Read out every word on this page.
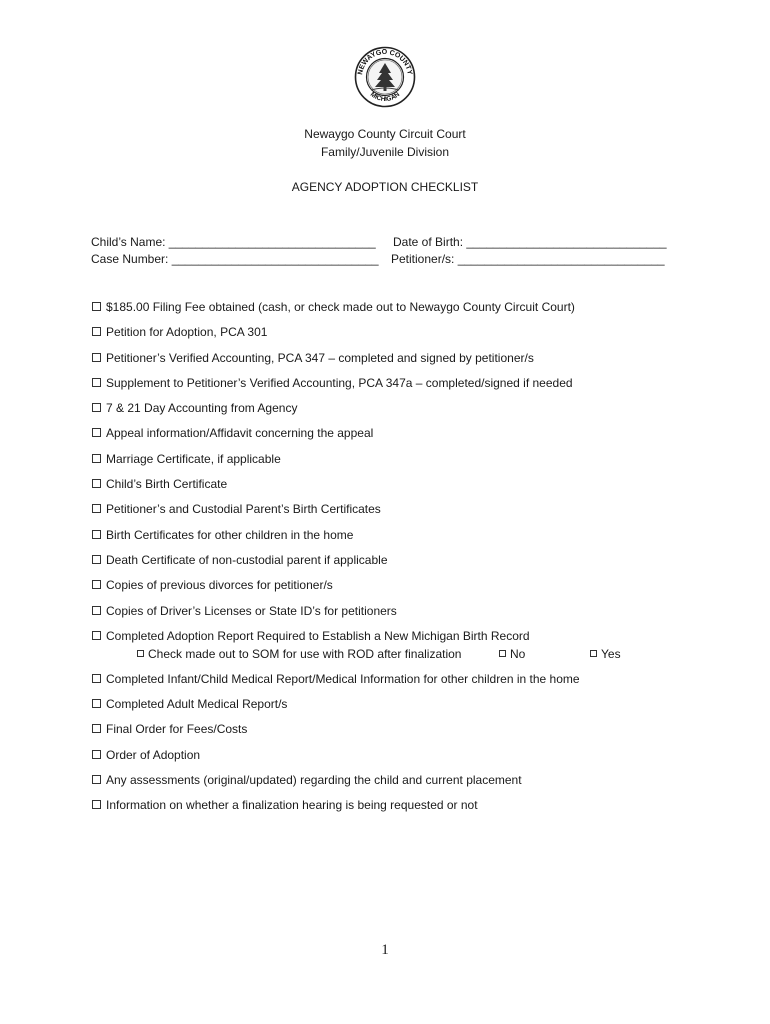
NEWAYGO COUNTY
MICHIGAN
Newaygo County Circuit Court
Family/Juvenile Division
AGENCY ADOPTION CHECKLIST
Child’s Name: _______________________________ Date of Birth: ______________________________
Case Number: _______________________________ Petitioner/s: _______________________________
$185.00 Filing Fee obtained (cash, or check made out to Newaygo County Circuit Court)
Petition for Adoption, PCA 301
Petitioner’s Verified Accounting, PCA 347 – completed and signed by petitioner/s
Supplement to Petitioner’s Verified Accounting, PCA 347a – completed/signed if needed
7 & 21 Day Accounting from Agency
Appeal information/Affidavit concerning the appeal
Marriage Certificate, if applicable
Child’s Birth Certificate
Petitioner’s and Custodial Parent’s Birth Certificates
Birth Certificates for other children in the home
Death Certificate of non-custodial parent if applicable
Copies of previous divorces for petitioner/s
Copies of Driver’s Licenses or State ID’s for petitioners
Completed Adoption Report Required to Establish a New Michigan Birth Record
Check made out to SOM for use with ROD after finalization	No	Yes
Completed Infant/Child Medical Report/Medical Information for other children in the home
Completed Adult Medical Report/s
Final Order for Fees/Costs
Order of Adoption
Any assessments (original/updated) regarding the child and current placement
Information on whether a finalization hearing is being requested or not
1
